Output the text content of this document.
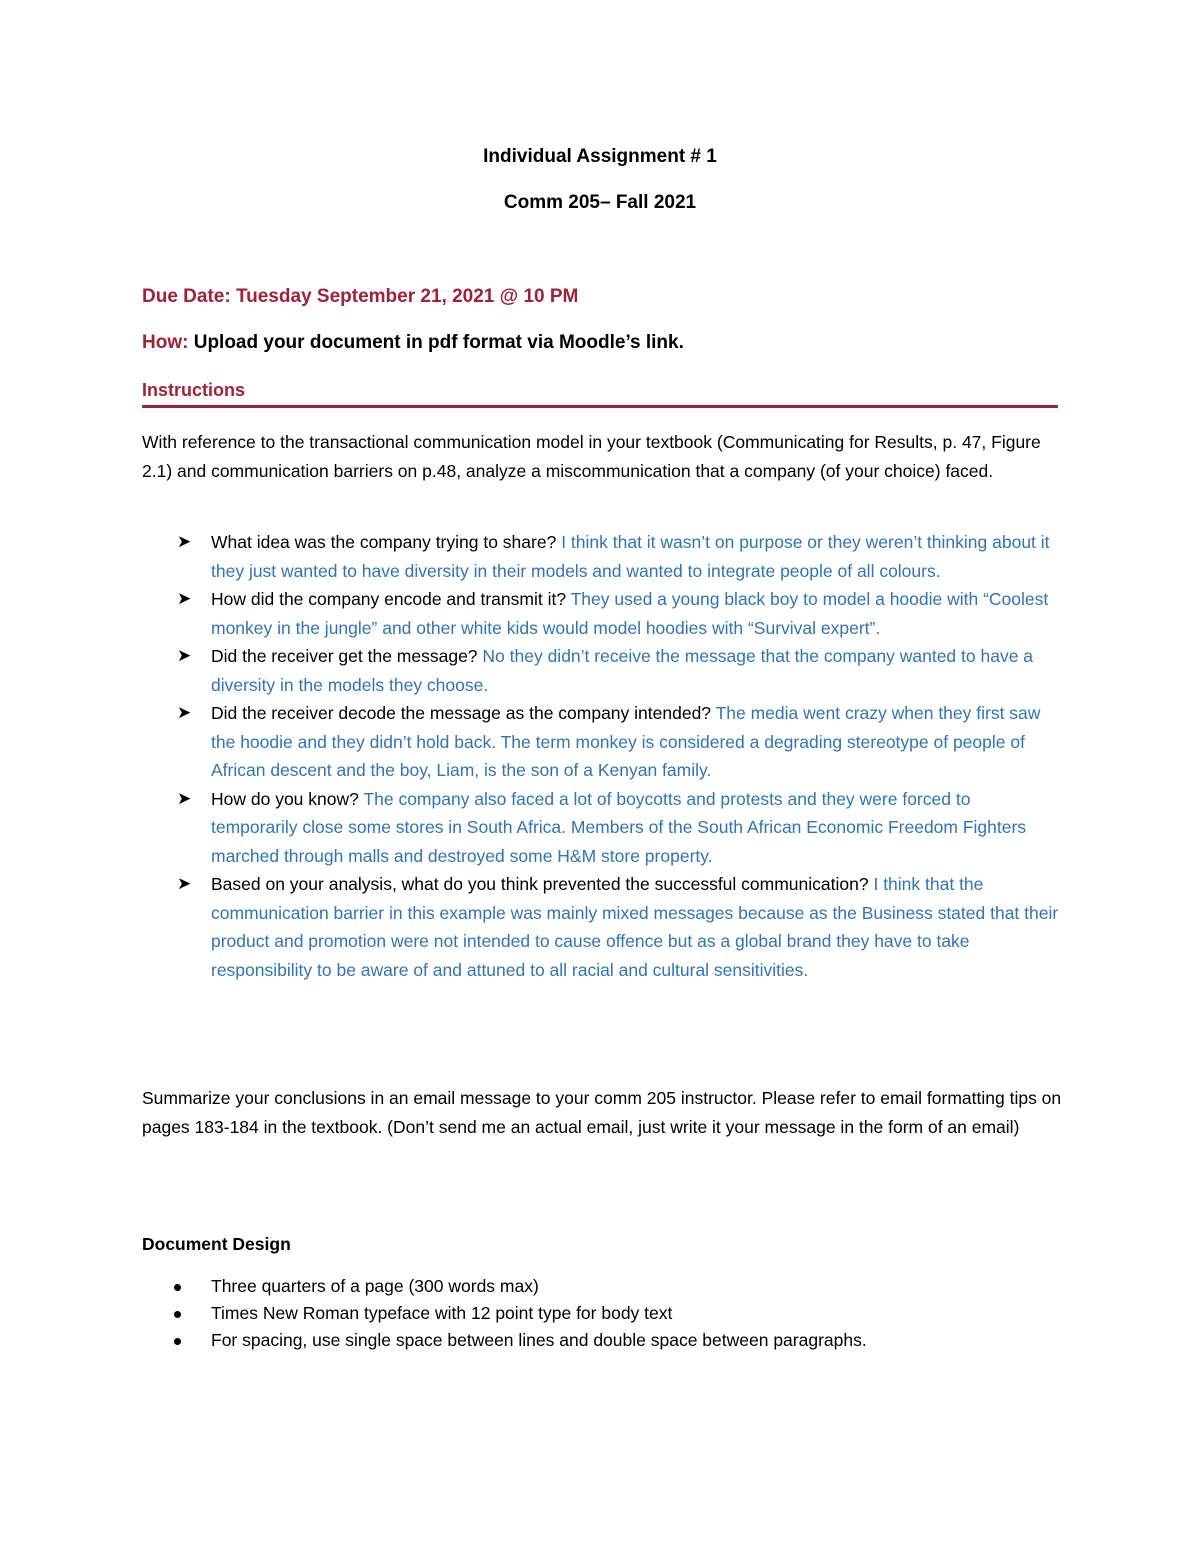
Individual Assignment # 1
Comm 205– Fall 2021
Due Date: Tuesday September 21, 2021 @ 10 PM
How: Upload your document in pdf format via Moodle’s link.
Instructions
With reference to the transactional communication model in your textbook (Communicating for Results, p. 47, Figure 2.1) and communication barriers on p.48, analyze a miscommunication that a company (of your choice) faced.
➤ What idea was the company trying to share? I think that it wasn’t on purpose or they weren’t thinking about it they just wanted to have diversity in their models and wanted to integrate people of all colours.
➤ How did the company encode and transmit it? They used a young black boy to model a hoodie with “Coolest monkey in the jungle” and other white kids would model hoodies with “Survival expert”.
➤ Did the receiver get the message? No they didn’t receive the message that the company wanted to have a diversity in the models they choose.
➤ Did the receiver decode the message as the company intended? The media went crazy when they first saw the hoodie and they didn’t hold back. The term monkey is considered a degrading stereotype of people of African descent and the boy, Liam, is the son of a Kenyan family.
➤ How do you know? The company also faced a lot of boycotts and protests and they were forced to temporarily close some stores in South Africa. Members of the South African Economic Freedom Fighters marched through malls and destroyed some H&M store property.
➤ Based on your analysis, what do you think prevented the successful communication? I think that the communication barrier in this example was mainly mixed messages because as the Business stated that their product and promotion were not intended to cause offence but as a global brand they have to take responsibility to be aware of and attuned to all racial and cultural sensitivities.
Summarize your conclusions in an email message to your comm 205 instructor. Please refer to email formatting tips on pages 183-184 in the textbook. (Don’t send me an actual email, just write it your message in the form of an email)
Document Design
Three quarters of a page (300 words max)
Times New Roman typeface with 12 point type for body text
For spacing, use single space between lines and double space between paragraphs.
